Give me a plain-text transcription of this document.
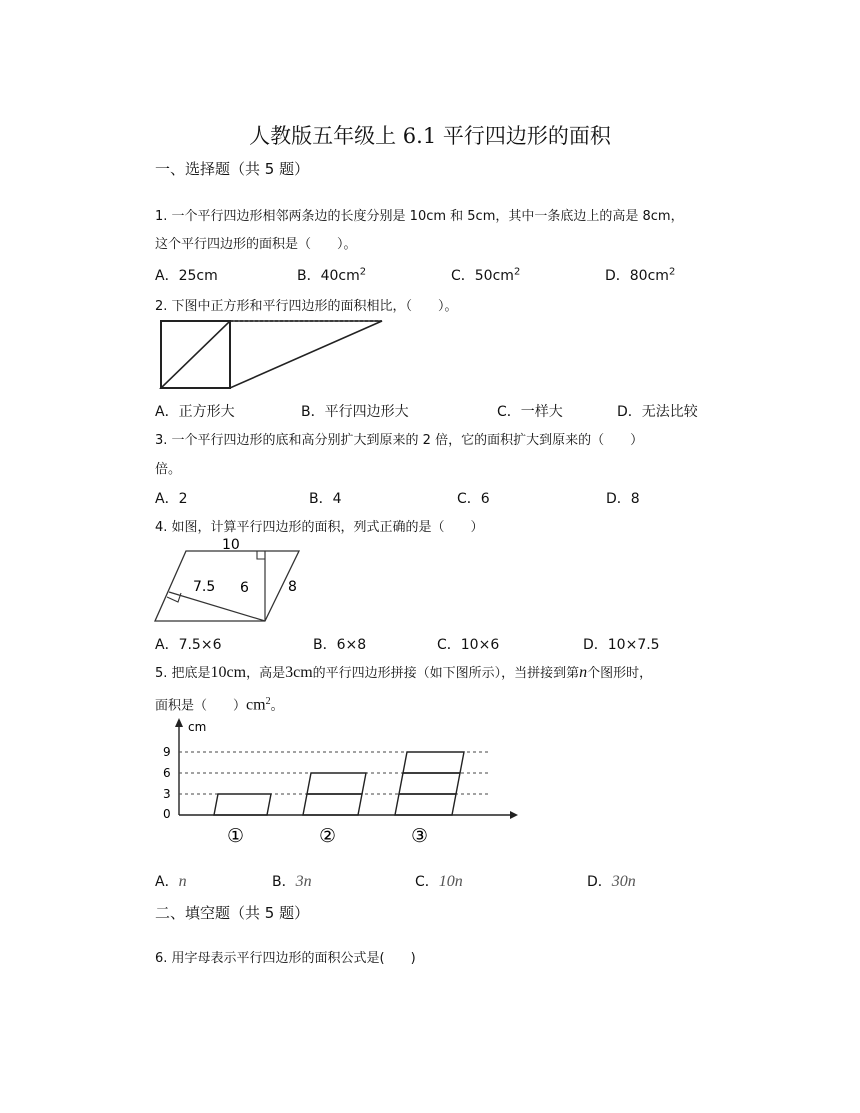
人教版五年级上 6.1 平行四边形的面积
一、选择题（共 5 题）
1. 一个平行四边形相邻两条边的长度分别是 10cm 和 5cm，其中一条底边上的高是 8cm，
这个平行四边形的面积是（　　）。
A．25cm	B．$40cm^2$	C．$50cm^2$	D．$80cm^2$
2. 下图中正方形和平行四边形的面积相比，（　　）。
A．正方形大	B．平行四边形大	C．一样大	D．无法比较
3. 一个平行四边形的底和高分别扩大到原来的 2 倍，它的面积扩大到原来的（　　）
倍。
A．2	B．4	C．6	D．8
4. 如图，计算平行四边形的面积，列式正确的是（　　）
10
7.5 6	8
A．7.5×6	B．6×8	C．10×6	D．10×7.5
5. 把底是10cm，高是3cm的平行四边形拼接（如下图所示），当拼接到第n个图形时，
面积是（　　）$cm^2$。
cm
0
3
6
9
①	②	③
A．n	B．3n	C．10n	D．30n
二、填空题（共 5 题）
6. 用字母表示平行四边形的面积公式是(　　)
